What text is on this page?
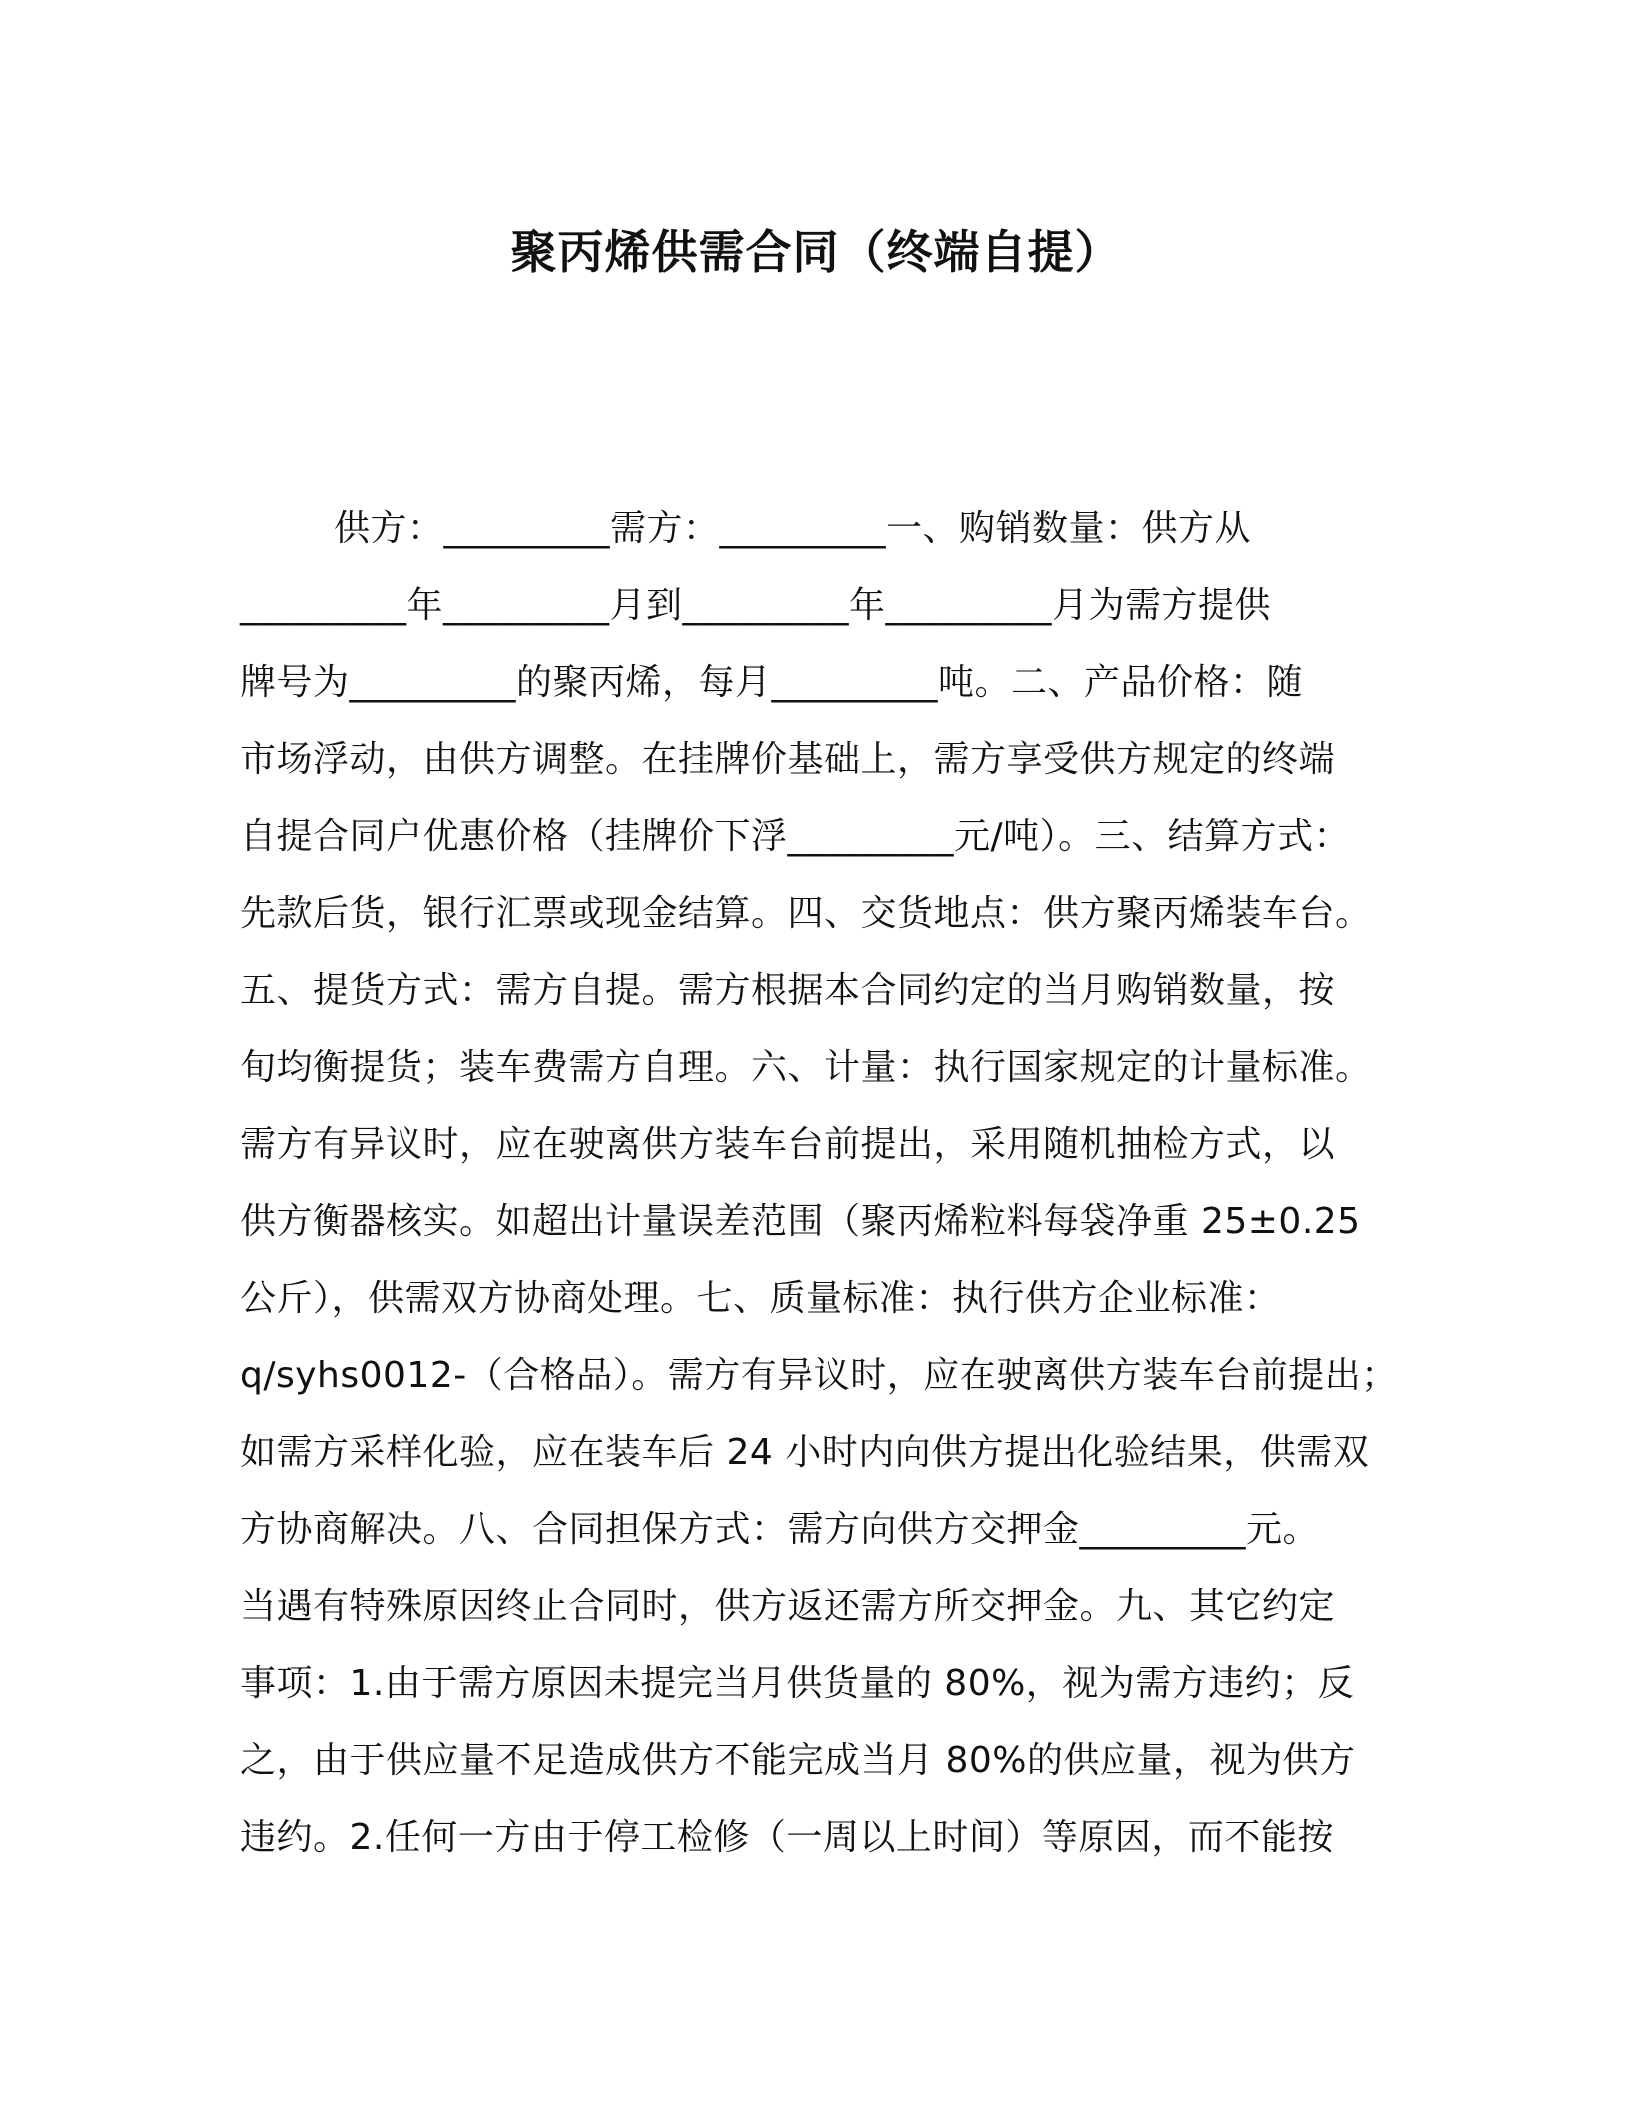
聚丙烯供需合同（终端自提）
供方：_________需方：_________一、购销数量：供方从
_________年_________月到_________年_________月为需方提供
牌号为_________的聚丙烯，每月_________吨。二、产品价格：随
市场浮动，由供方调整。在挂牌价基础上，需方享受供方规定的终端
自提合同户优惠价格（挂牌价下浮_________元/吨）。三、结算方式：
先款后货，银行汇票或现金结算。四、交货地点：供方聚丙烯装车台。
五、提货方式：需方自提。需方根据本合同约定的当月购销数量，按
旬均衡提货；装车费需方自理。六、计量：执行国家规定的计量标准。
需方有异议时，应在驶离供方装车台前提出，采用随机抽检方式，以
供方衡器核实。如超出计量误差范围（聚丙烯粒料每袋净重 25±0.25
公斤），供需双方协商处理。七、质量标准：执行供方企业标准：
q/syhs0012-（合格品）。需方有异议时，应在驶离供方装车台前提出；
如需方采样化验，应在装车后 24 小时内向供方提出化验结果，供需双
方协商解决。八、合同担保方式：需方向供方交押金_________元。
当遇有特殊原因终止合同时，供方返还需方所交押金。九、其它约定
事项：1.由于需方原因未提完当月供货量的 80%，视为需方违约；反
之，由于供应量不足造成供方不能完成当月 80%的供应量，视为供方
违约。2.任何一方由于停工检修（一周以上时间）等原因，而不能按
